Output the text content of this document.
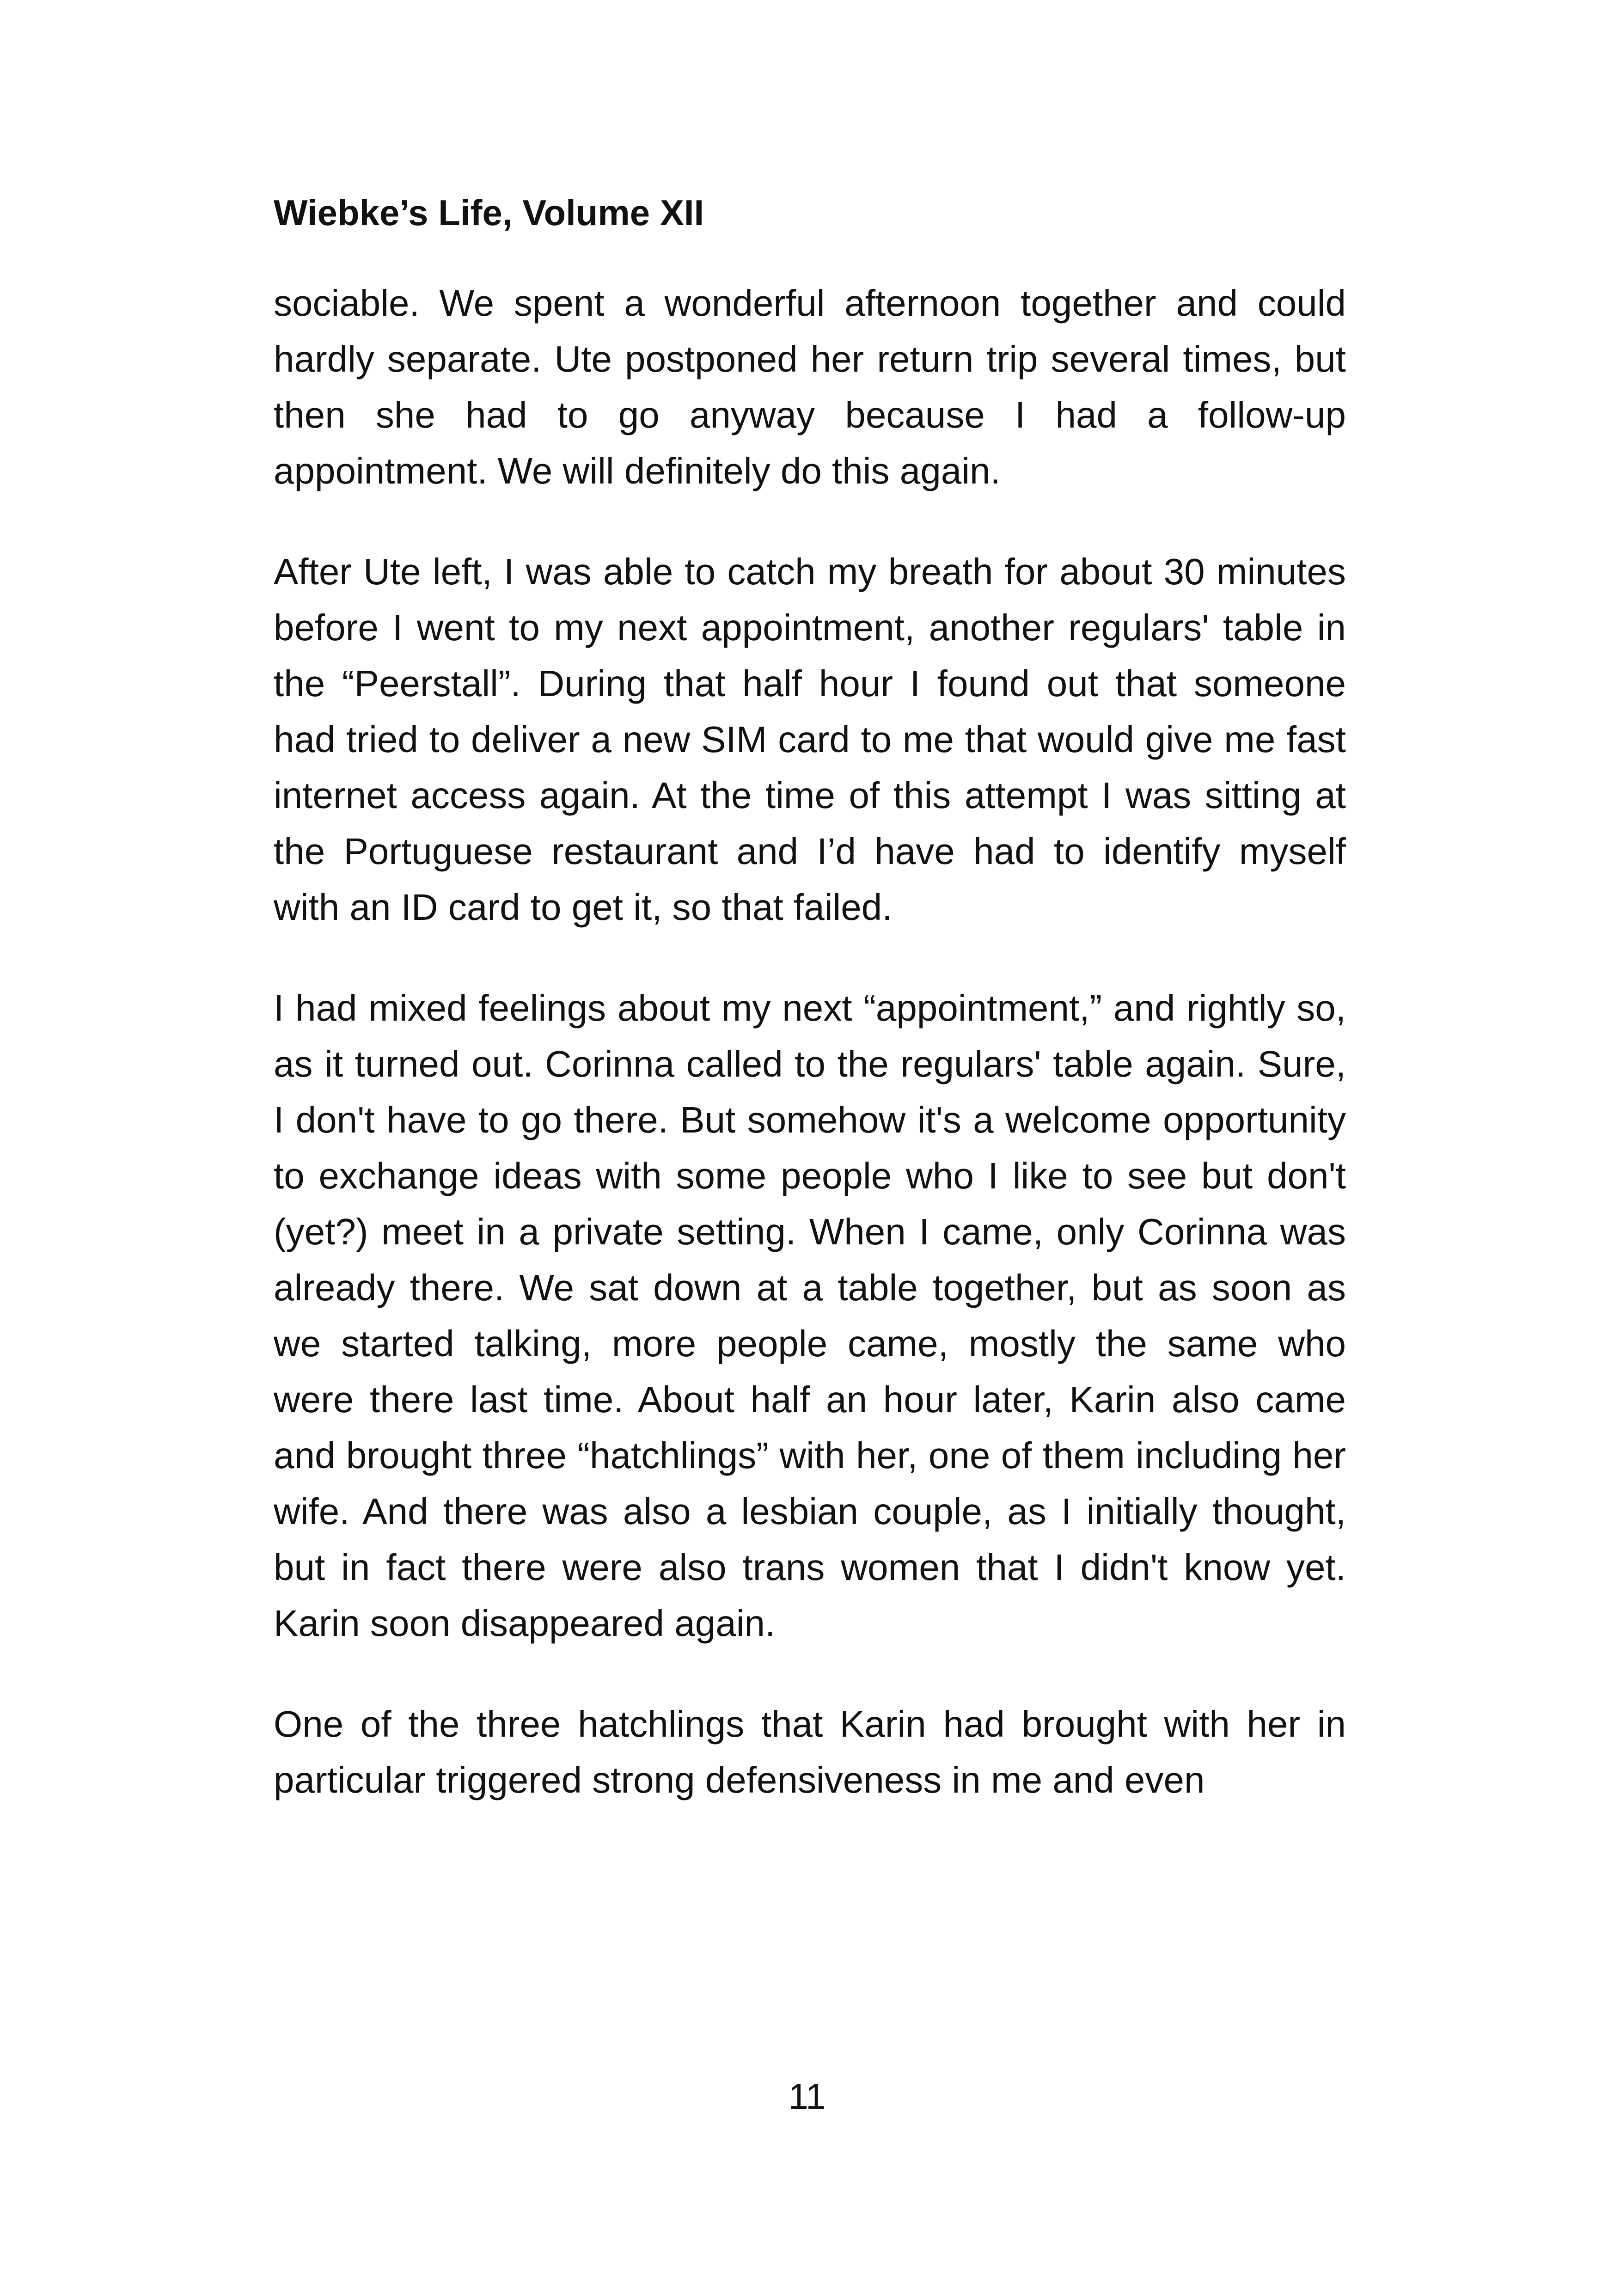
Wiebke’s Life, Volume XII

sociable. We spent a wonderful afternoon together and could hardly separate. Ute postponed her return trip several times, but then she had to go anyway because I had a follow-up appointment. We will definitely do this again.

After Ute left, I was able to catch my breath for about 30 minutes before I went to my next appointment, another regulars' table in the “Peerstall”. During that half hour I found out that someone had tried to deliver a new SIM card to me that would give me fast internet access again. At the time of this attempt I was sitting at the Portuguese restaurant and I’d have had to identify myself with an ID card to get it, so that failed.

I had mixed feelings about my next “appointment,” and rightly so, as it turned out. Corinna called to the regulars' table again. Sure, I don't have to go there. But somehow it's a welcome opportunity to exchange ideas with some people who I like to see but don't (yet?) meet in a private setting. When I came, only Corinna was already there. We sat down at a table together, but as soon as we started talking, more people came, mostly the same who were there last time. About half an hour later, Karin also came and brought three “hatchlings” with her, one of them including her wife. And there was also a lesbian couple, as I initially thought, but in fact there were also trans women that I didn't know yet. Karin soon disappeared again.

One of the three hatchlings that Karin had brought with her in particular triggered strong defensiveness in me and even

11
